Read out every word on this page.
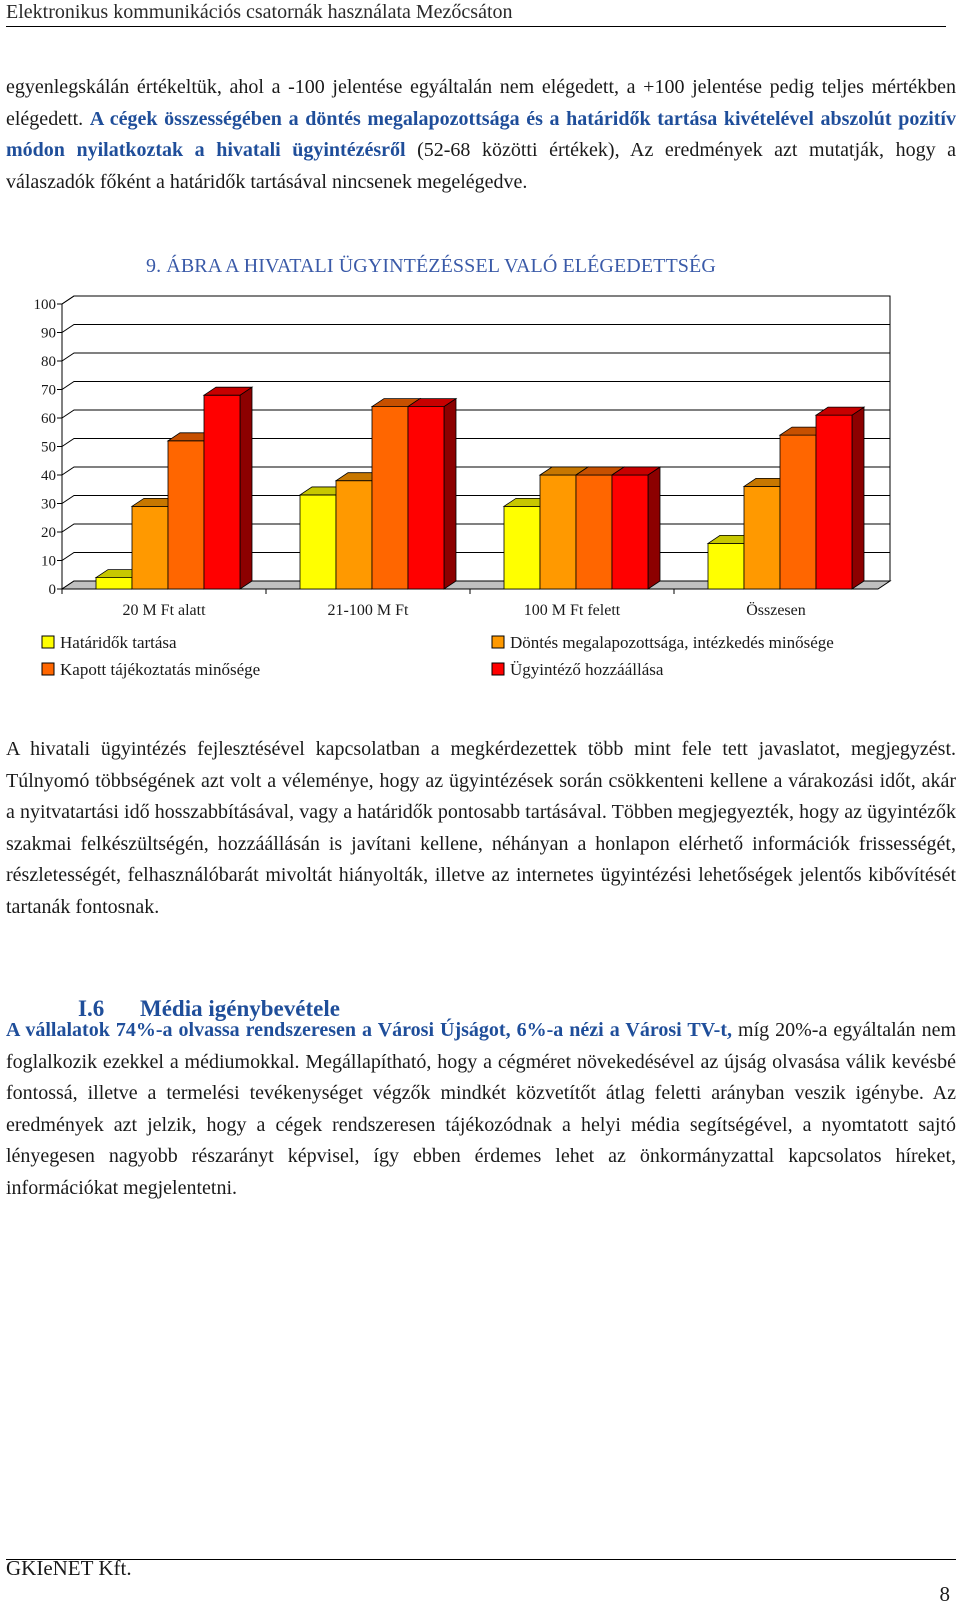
Elektronikus kommunikációs csatornák használata Mezőcsáton

egyenlegskálán értékeltük, ahol a -100 jelentése egyáltalán nem elégedett, a +100 jelentése pedig teljes mértékben elégedett. A cégek összességében a döntés megalapozottsága és a határidők tartása kivételével abszolút pozitív módon nyilatkoztak a hivatali ügyintézésről (52-68 közötti értékek), Az eredmények azt mutatják, hogy a válaszadók főként a határidők tartásával nincsenek megelégedve.

9. ÁBRA A HIVATALI ÜGYINTÉZÉSSEL VALÓ ELÉGEDETTSÉG
0
10
20
30
40
50
60
70
80
90
100
20 M Ft alatt	21-100 M Ft	100 M Ft felett	Összesen
Határidők tartása	Döntés megalapozottsága, intézkedés minősége
Kapott tájékoztatás minősége	Ügyintéző hozzáállása

A hivatali ügyintézés fejlesztésével kapcsolatban a megkérdezettek több mint fele tett javaslatot, megjegyzést. Túlnyomó többségének azt volt a véleménye, hogy az ügyintézések során csökkenteni kellene a várakozási időt, akár a nyitvatartási idő hosszabbításával, vagy a határidők pontosabb tartásával. Többen megjegyezték, hogy az ügyintézők szakmai felkészültségén, hozzáállásán is javítani kellene, néhányan a honlapon elérhető információk frissességét, részletességét, felhasználóbarát mivoltát hiányolták, illetve az internetes ügyintézési lehetőségek jelentős kibővítését tartanák fontosnak.

I.6 Média igénybevétele

A vállalatok 74%-a olvassa rendszeresen a Városi Újságot, 6%-a nézi a Városi TV-t, míg 20%-a egyáltalán nem foglalkozik ezekkel a médiumokkal. Megállapítható, hogy a cégméret növekedésével az újság olvasása válik kevésbé fontossá, illetve a termelési tevékenységet végzők mindkét közvetítőt átlag feletti arányban veszik igénybe. Az eredmények azt jelzik, hogy a cégek rendszeresen tájékozódnak a helyi média segítségével, a nyomtatott sajtó lényegesen nagyobb részarányt képvisel, így ebben érdemes lehet az önkormányzattal kapcsolatos híreket, információkat megjelentetni.

GKIeNET Kft.
8
